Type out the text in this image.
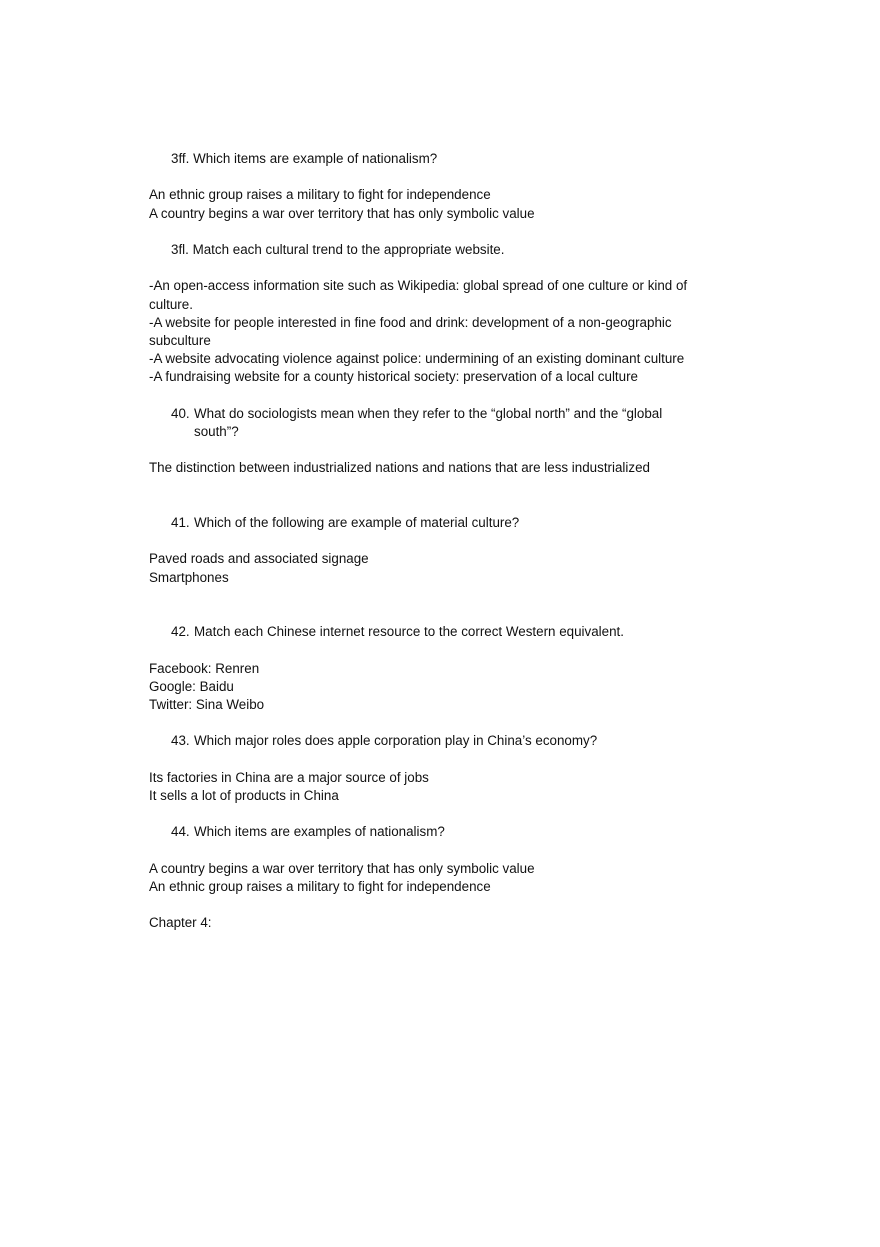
3ff. Which items are example of nationalism?
An ethnic group raises a military to fight for independence
A country begins a war over territory that has only symbolic value
3fl. Match each cultural trend to the appropriate website.
-An open-access information site such as Wikipedia: global spread of one culture or kind of culture.
-A website for people interested in fine food and drink: development of a non-geographic subculture
-A website advocating violence against police: undermining of an existing dominant culture
-A fundraising website for a county historical society: preservation of a local culture
40. What do sociologists mean when they refer to the “global north” and the “global south”?
The distinction between industrialized nations and nations that are less industrialized
41. Which of the following are example of material culture?
Paved roads and associated signage
Smartphones
42. Match each Chinese internet resource to the correct Western equivalent.
Facebook: Renren
Google: Baidu
Twitter: Sina Weibo
43. Which major roles does apple corporation play in China’s economy?
Its factories in China are a major source of jobs
It sells a lot of products in China
44. Which items are examples of nationalism?
A country begins a war over territory that has only symbolic value
An ethnic group raises a military to fight for independence
Chapter 4:
